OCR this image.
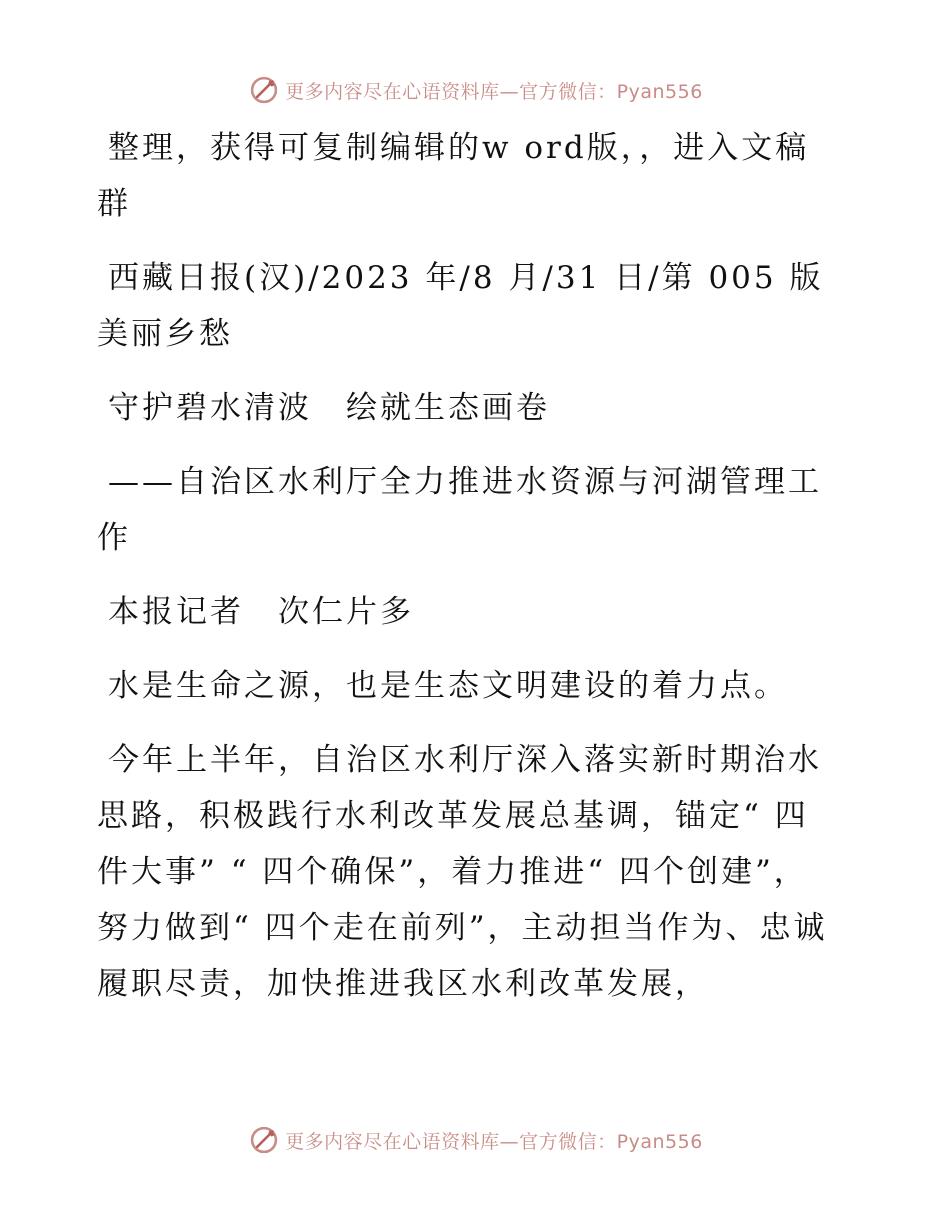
更多内容尽在心语资料库—官方微信：Pyan556

整理，获得可复制编辑的w ord版，，进入文稿群

西藏日报(汉)/2023 年/8 月/31 日/第 005 版美丽乡愁

守护碧水清波　绘就生态画卷

——自治区水利厅全力推进水资源与河湖管理工作

本报记者　次仁片多

水是生命之源，也是生态文明建设的着力点。

今年上半年，自治区水利厅深入落实新时期治水思路，积极践行水利改革发展总基调，锚定“ 四件大事” “ 四个确保”，着力推进“ 四个创建”，努力做到“ 四个走在前列”，主动担当作为、忠诚履职尽责，加快推进我区水利改革发展，

更多内容尽在心语资料库—官方微信：Pyan556
